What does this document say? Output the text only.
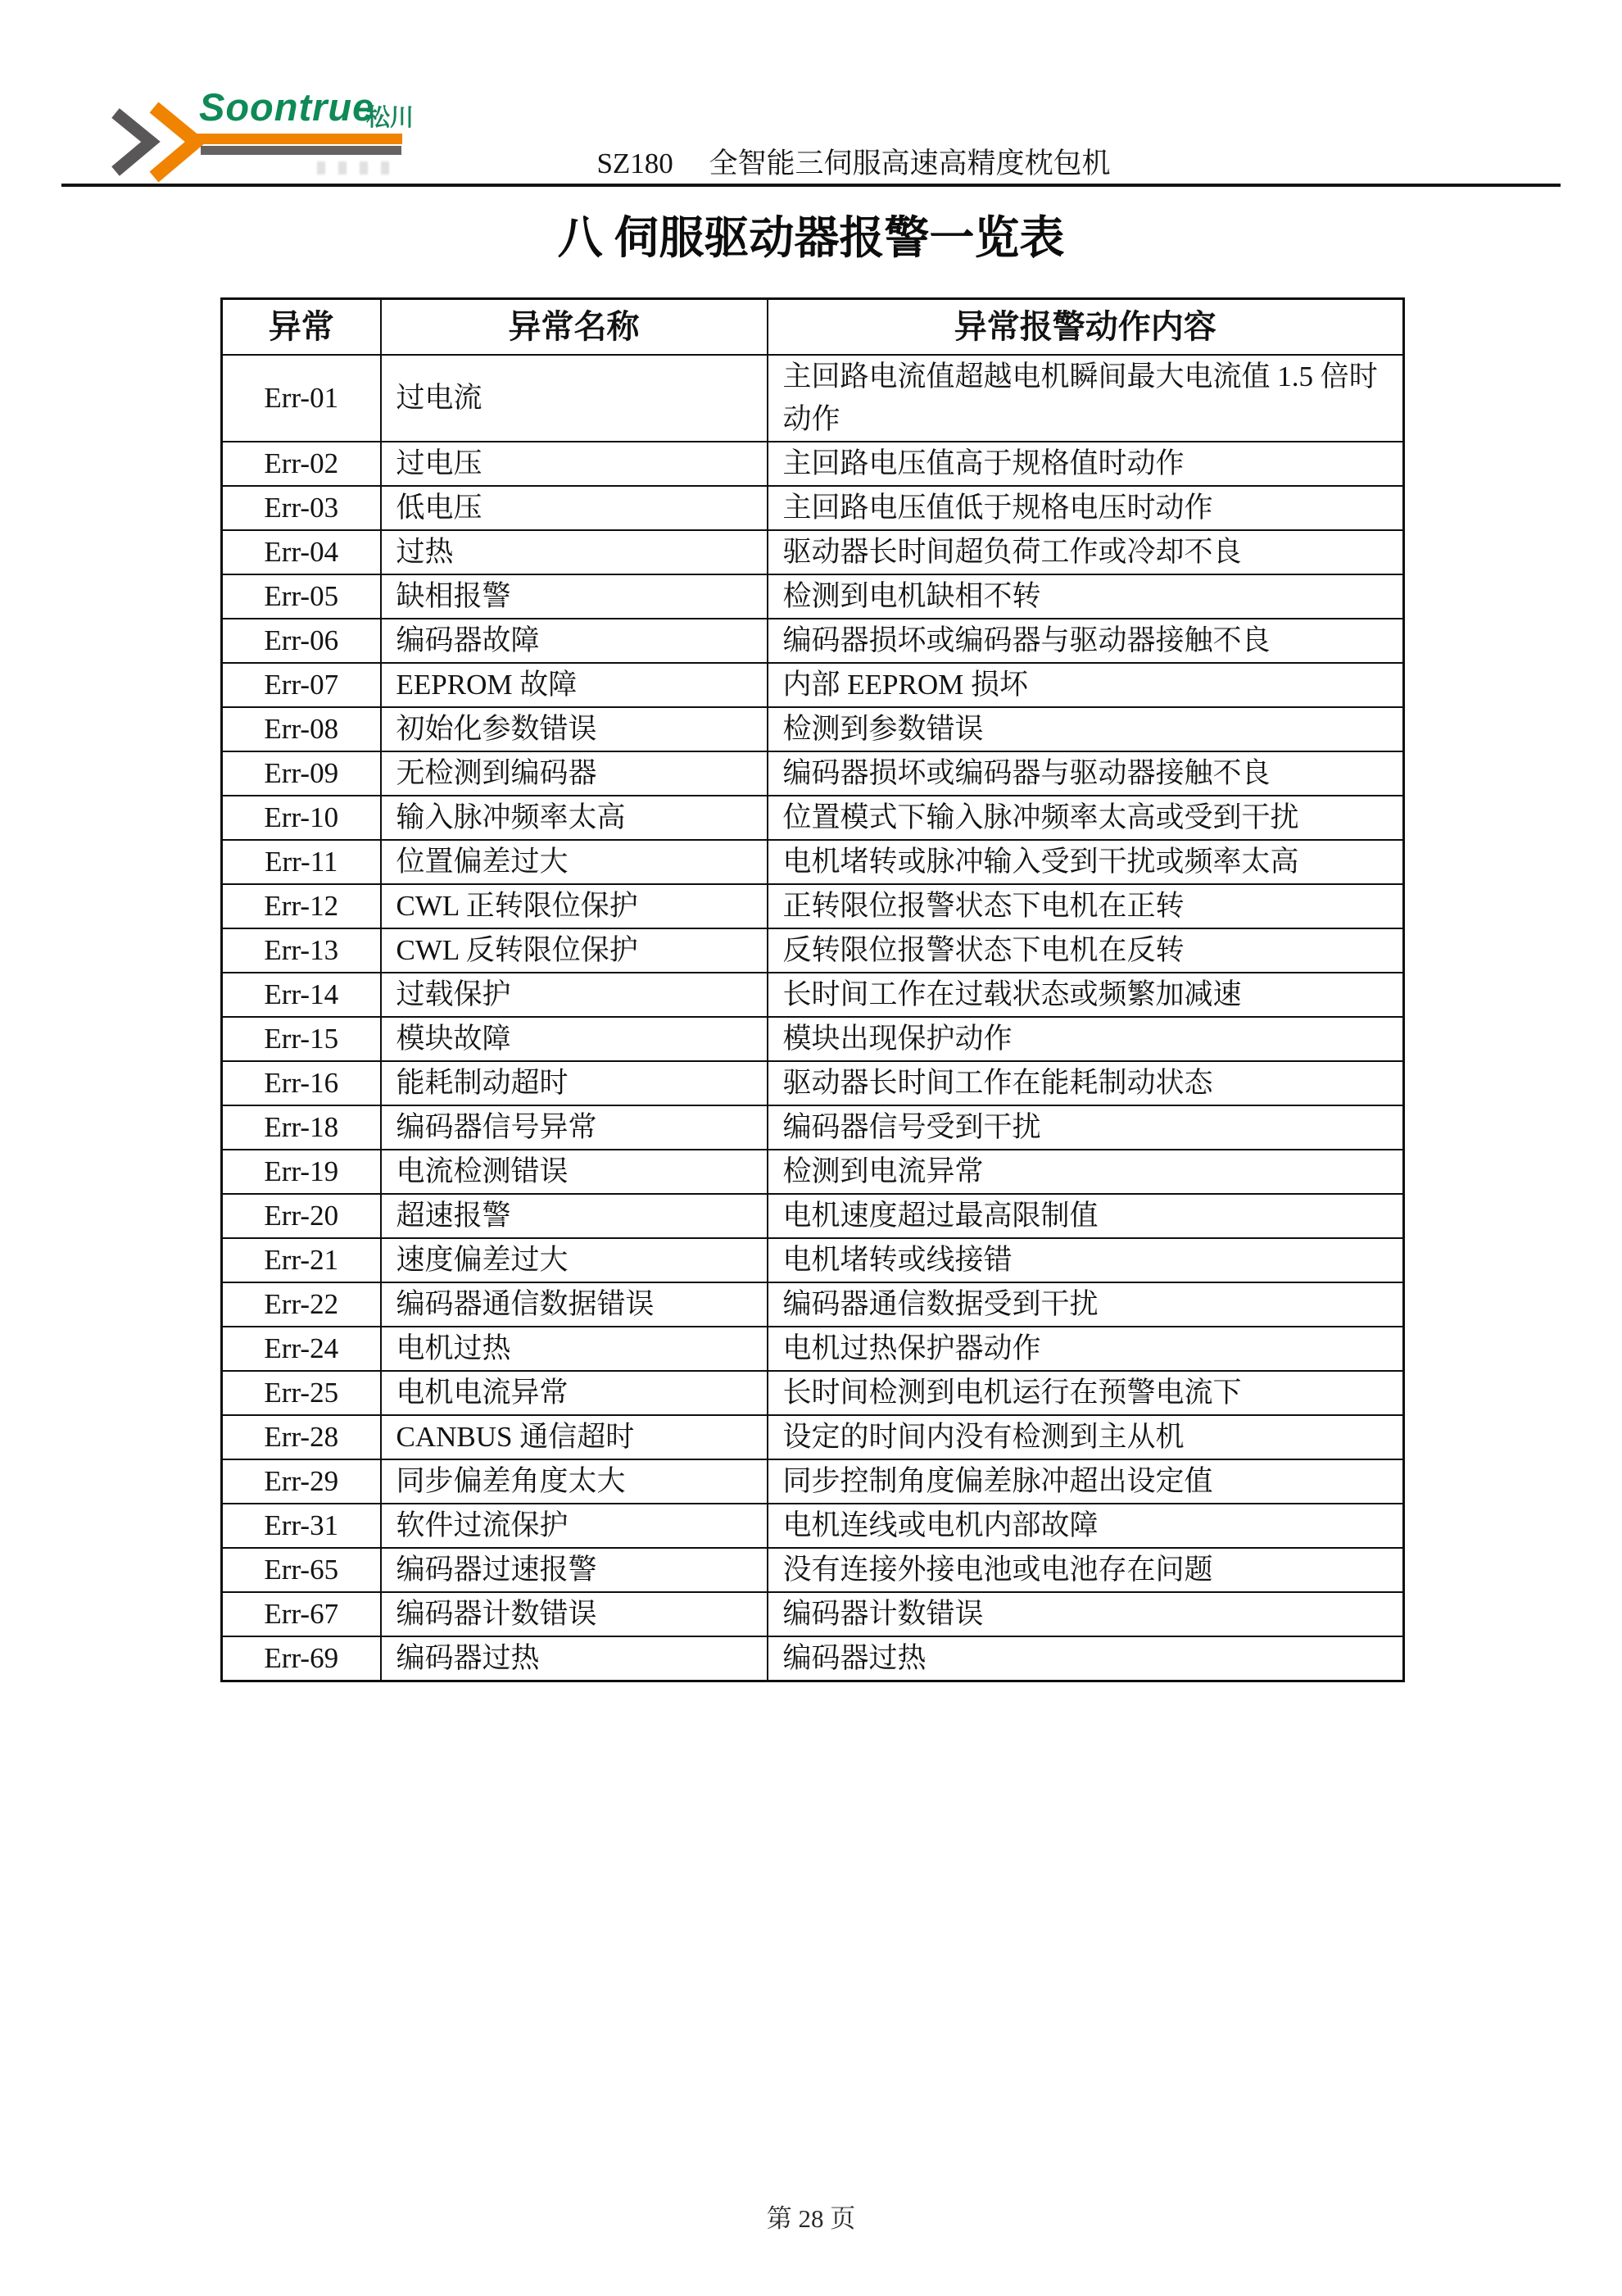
Soontrue
松川
SZ180　 全智能三伺服高速高精度枕包机
八 伺服驱动器报警一览表
异常	异常名称	异常报警动作内容
Err-01	过电流	主回路电流值超越电机瞬间最大电流值 1.5 倍时动作
Err-02	过电压	主回路电压值高于规格值时动作
Err-03	低电压	主回路电压值低于规格电压时动作
Err-04	过热	驱动器长时间超负荷工作或冷却不良
Err-05	缺相报警	检测到电机缺相不转
Err-06	编码器故障	编码器损坏或编码器与驱动器接触不良
Err-07	EEPROM 故障	内部 EEPROM 损坏
Err-08	初始化参数错误	检测到参数错误
Err-09	无检测到编码器	编码器损坏或编码器与驱动器接触不良
Err-10	输入脉冲频率太高	位置模式下输入脉冲频率太高或受到干扰
Err-11	位置偏差过大	电机堵转或脉冲输入受到干扰或频率太高
Err-12	CWL 正转限位保护	正转限位报警状态下电机在正转
Err-13	CWL 反转限位保护	反转限位报警状态下电机在反转
Err-14	过载保护	长时间工作在过载状态或频繁加减速
Err-15	模块故障	模块出现保护动作
Err-16	能耗制动超时	驱动器长时间工作在能耗制动状态
Err-18	编码器信号异常	编码器信号受到干扰
Err-19	电流检测错误	检测到电流异常
Err-20	超速报警	电机速度超过最高限制值
Err-21	速度偏差过大	电机堵转或线接错
Err-22	编码器通信数据错误	编码器通信数据受到干扰
Err-24	电机过热	电机过热保护器动作
Err-25	电机电流异常	长时间检测到电机运行在预警电流下
Err-28	CANBUS 通信超时	设定的时间内没有检测到主从机
Err-29	同步偏差角度太大	同步控制角度偏差脉冲超出设定值
Err-31	软件过流保护	电机连线或电机内部故障
Err-65	编码器过速报警	没有连接外接电池或电池存在问题
Err-67	编码器计数错误	编码器计数错误
Err-69	编码器过热	编码器过热
第 28 页
